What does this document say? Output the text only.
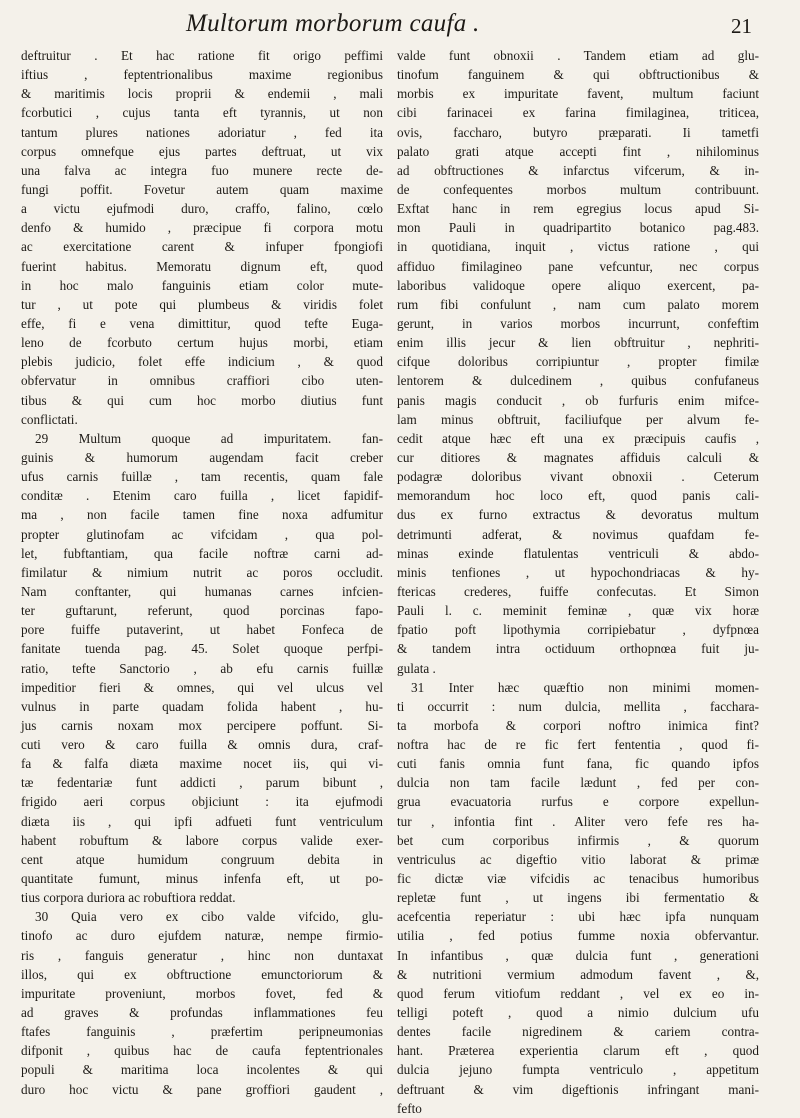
Multorum morborum caufa .	21
deftruitur . Et hac ratione fit origo peffimi
iftius , feptentrionalibus maxime regionibus
& maritimis locis proprii & endemii , mali
fcorbutici , cujus tanta eft tyrannis, ut non
tantum plures nationes adoriatur , fed ita
corpus omnefque ejus partes deftruat, ut vix
una falva ac integra fuo munere recte de-
fungi poffit. Fovetur autem quam maxime
a victu ejufmodi duro, craffo, falino, cœlo
denfo & humido , præcipue fi corpora motu
ac exercitatione carent & infuper fpongiofi
fuerint habitus. Memoratu dignum eft, quod
in hoc malo fanguinis etiam color mute-
tur , ut pote qui plumbeus & viridis folet
effe, fi e vena dimittitur, quod tefte Euga-
leno de fcorbuto certum hujus morbi, etiam
plebis judicio, folet effe indicium , & quod
obfervatur in omnibus craffiori cibo uten-
tibus & qui cum hoc morbo diutius funt
conflictati.
29 Multum quoque ad impuritatem. fan-
guinis & humorum augendam facit creber
ufus carnis fuillæ , tam recentis, quam fale
conditæ . Etenim caro fuilla , licet fapidif-
ma , non facile tamen fine noxa adfumitur
propter glutinofam ac vifcidam , qua pol-
let, fubftantiam, qua facile noftræ carni ad-
fimilatur & nimium nutrit ac poros occludit.
Nam conftanter, qui humanas carnes infcien-
ter guftarunt, referunt, quod porcinas fapo-
pore fuiffe putaverint, ut habet Fonfeca de
fanitate tuenda pag. 45. Solet quoque perfpi-
ratio, tefte Sanctorio , ab efu carnis fuillæ
impeditior fieri & omnes, qui vel ulcus vel
vulnus in parte quadam folida habent , hu-
jus carnis noxam mox percipere poffunt. Si-
cuti vero & caro fuilla & omnis dura, craf-
fa & falfa diæta maxime nocet iis, qui vi-
tæ fedentariæ funt addicti , parum bibunt ,
frigido aeri corpus objiciunt : ita ejufmodi
diæta iis , qui ipfi adfueti funt ventriculum
habent robuftum & labore corpus valide exer-
cent atque humidum congruum debita in
quantitate fumunt, minus infenfa eft, ut po-
tius corpora duriora ac robuftiora reddat.
30 Quia vero ex cibo valde vifcido, glu-
tinofo ac duro ejufdem naturæ, nempe firmio-
ris , fanguis generatur , hinc non duntaxat
illos, qui ex obftructione emunctoriorum &
impuritate proveniunt, morbos fovet, fed &
ad graves & profundas inflammationes feu
ftafes fanguinis , præfertim peripneumonias
difponit , quibus hac de caufa feptentrionales
populi & maritima loca incolentes & qui
duro hoc victu & pane groffiori gaudent ,
valde funt obnoxii . Tandem etiam ad glu-
tinofum fanguinem & qui obftructionibus &
morbis ex impuritate favent, multum faciunt
cibi farinacei ex farina fimilaginea, triticea,
ovis, faccharo, butyro præparati. Ii tametfi
palato grati atque accepti fint , nihilominus
ad obftructiones & infarctus vifcerum, & in-
de confequentes morbos multum contribuunt.
Exftat hanc in rem egregius locus apud Si-
mon Pauli in quadripartito botanico pag.483.
in quotidiana, inquit , victus ratione , qui
affiduo fimilagineo pane vefcuntur, nec corpus
laboribus validoque opere aliquo exercent, pa-
rum fibi confulunt , nam cum palato morem
gerunt, in varios morbos incurrunt, confeftim
enim illis jecur & lien obftruitur , nephriti-
cifque doloribus corripiuntur , propter fimilæ
lentorem & dulcedinem , quibus confufaneus
panis magis conducit , ob furfuris enim mifce-
lam minus obftruit, faciliufque per alvum fe-
cedit atque hæc eft una ex præcipuis caufis ,
cur ditiores & magnates affiduis calculi &
podagræ doloribus vivant obnoxii . Ceterum
memorandum hoc loco eft, quod panis cali-
dus ex furno extractus & devoratus multum
detrimunti adferat, & novimus quafdam fe-
minas exinde flatulentas ventriculi & abdo-
minis tenfiones , ut hypochondriacas & hy-
ftericas crederes, fuiffe confecutas. Et Simon
Pauli l. c. meminit feminæ , quæ vix horæ
fpatio poft lipothymia corripiebatur , dyfpnœa
& tandem intra octiduum orthopnœa fuit ju-
gulata .
31 Inter hæc quæftio non minimi momen-
ti occurrit : num dulcia, mellita , facchara-
ta morbofa & corpori noftro inimica fint?
noftra hac de re fic fert fententia , quod fi-
cuti fanis omnia funt fana, fic quando ipfos
dulcia non tam facile lædunt , fed per con-
grua evacuatoria rurfus e corpore expellun-
tur , infontia fint . Aliter vero fefe res ha-
bet cum corporibus infirmis , & quorum
ventriculus ac digeftio vitio laborat & primæ
fic dictæ viæ vifcidis ac tenacibus humoribus
repletæ funt , ut ingens ibi fermentatio &
acefcentia reperiatur : ubi hæc ipfa nunquam
utilia , fed potius fumme noxia obfervantur.
In infantibus , quæ dulcia funt , generationi
& nutritioni vermium admodum favent , &,
quod ferum vitiofum reddant , vel ex eo in-
telligi poteft , quod a nimio dulcium ufu
dentes facile nigredinem & cariem contra-
hant. Præterea experientia clarum eft , quod
dulcia jejuno fumpta ventriculo , appetitum
deftruant & vim digeftionis infringant mani-
fefto
